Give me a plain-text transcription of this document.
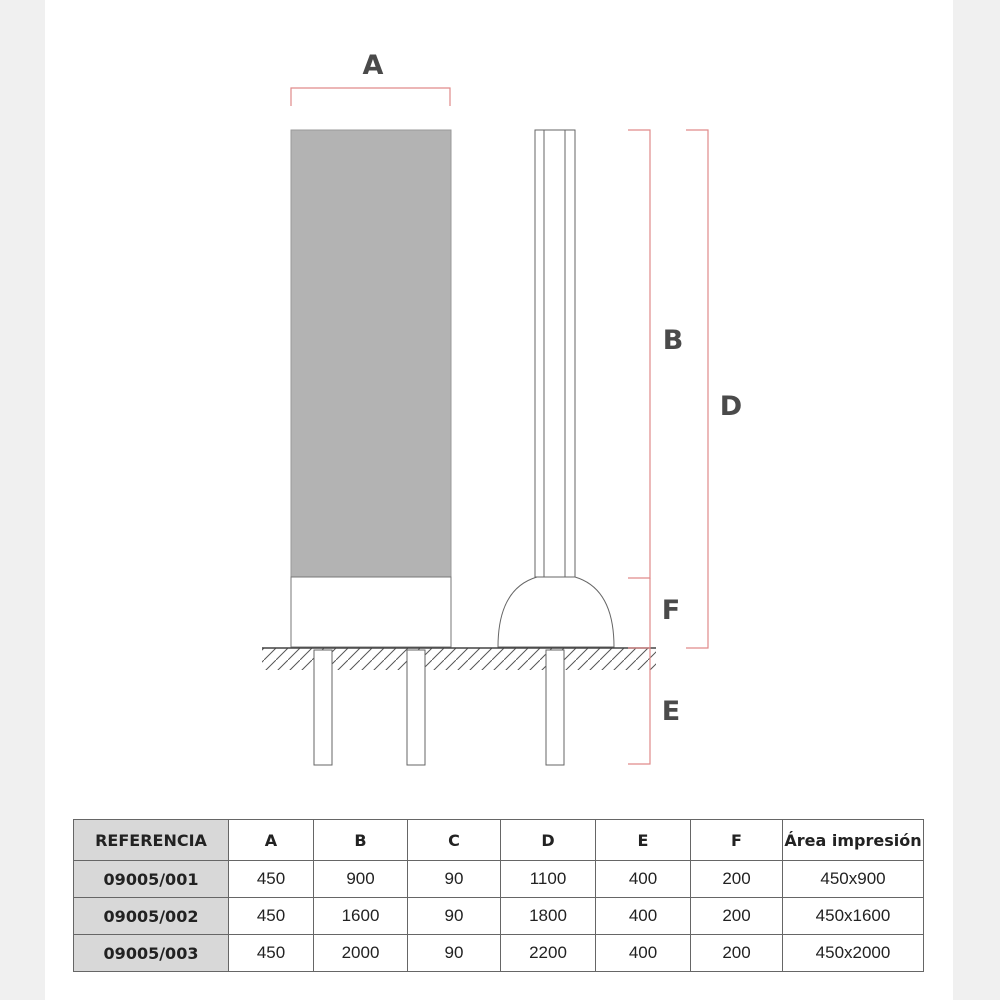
A
B
D
F
E
REFERENCIA	A	B	C	D	E	F	Área impresión
09005/001	450	900	90	1100	400	200	450x900
09005/002	450	1600	90	1800	400	200	450x1600
09005/003	450	2000	90	2200	400	200	450x2000
